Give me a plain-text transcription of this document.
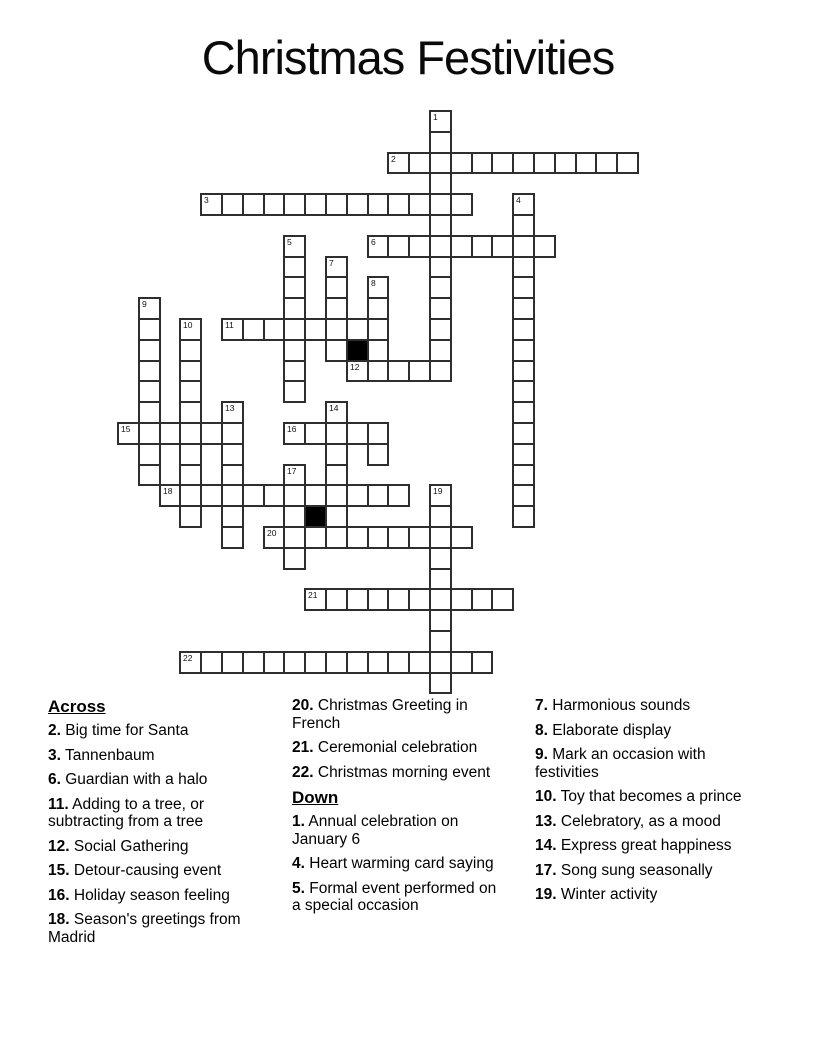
Christmas Festivities
1
2
3	4
5	6
7
8
9
10	11
12
13	14
15	16
17
18	19
20
21
22
Across
2. Big time for Santa
3. Tannenbaum
6. Guardian with a halo
11. Adding to a tree, or subtracting from a tree
12. Social Gathering
15. Detour-causing event
16. Holiday season feeling
18. Season's greetings from Madrid
20. Christmas Greeting in French
21. Ceremonial celebration
22. Christmas morning event
Down
1. Annual celebration on January 6
4. Heart warming card saying
5. Formal event performed on a special occasion
7. Harmonious sounds
8. Elaborate display
9. Mark an occasion with festivities
10. Toy that becomes a prince
13. Celebratory, as a mood
14. Express great happiness
17. Song sung seasonally
19. Winter activity
